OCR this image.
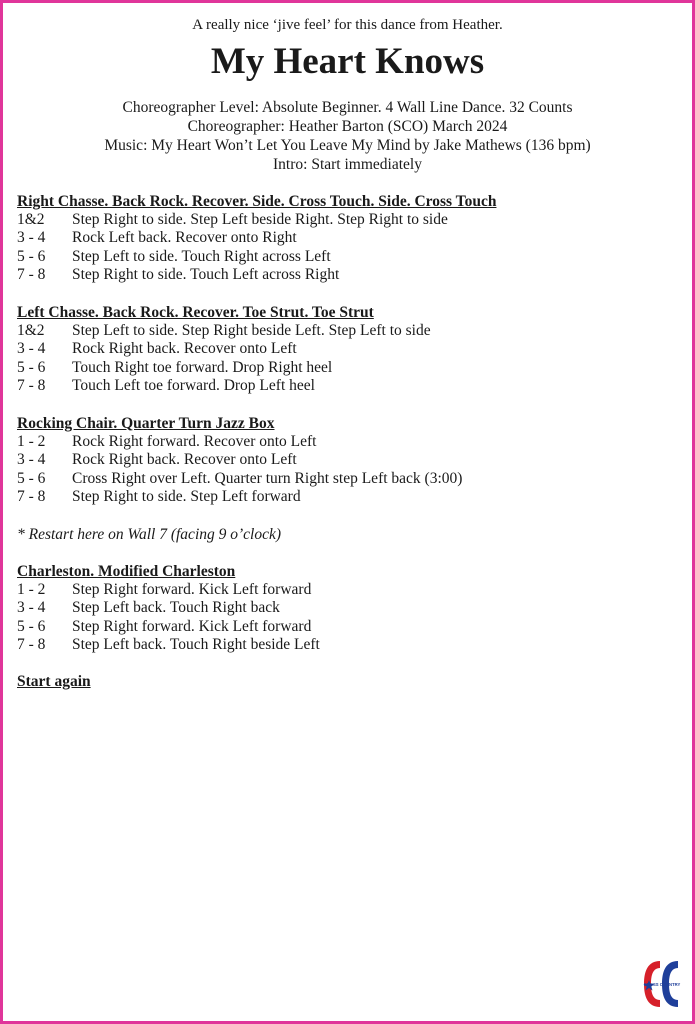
A really nice ‘jive feel’ for this dance from Heather.
My Heart Knows
Choreographer Level: Absolute Beginner. 4 Wall Line Dance. 32 Counts
Choreographer: Heather Barton (SCO) March 2024
Music: My Heart Won’t Let You Leave My Mind by Jake Mathews (136 bpm)
Intro: Start immediately
Right Chasse. Back Rock. Recover. Side. Cross Touch. Side. Cross Touch
1&2	Step Right to side. Step Left beside Right. Step Right to side
3 - 4	Rock Left back. Recover onto Right
5 - 6	Step Left to side. Touch Right across Left
7 - 8	Step Right to side. Touch Left across Right
Left Chasse. Back Rock. Recover. Toe Strut. Toe Strut
1&2	Step Left to side. Step Right beside Left. Step Left to side
3 - 4	Rock Right back. Recover onto Left
5 - 6	Touch Right toe forward. Drop Right heel
7 - 8	Touch Left toe forward. Drop Left heel
Rocking Chair. Quarter Turn Jazz Box
1 - 2	Rock Right forward. Recover onto Left
3 - 4	Rock Right back. Recover onto Left
5 - 6	Cross Right over Left. Quarter turn Right step Left back (3:00)
7 - 8	Step Right to side. Step Left forward
* Restart here on Wall 7 (facing 9 o’clock)
Charleston. Modified Charleston
1 - 2	Step Right forward. Kick Left forward
3 - 4	Step Left back. Touch Right back
5 - 6	Step Right forward. Kick Left forward
7 - 8	Step Left back. Touch Right beside Left
Start again
CROSS COUNTRY
